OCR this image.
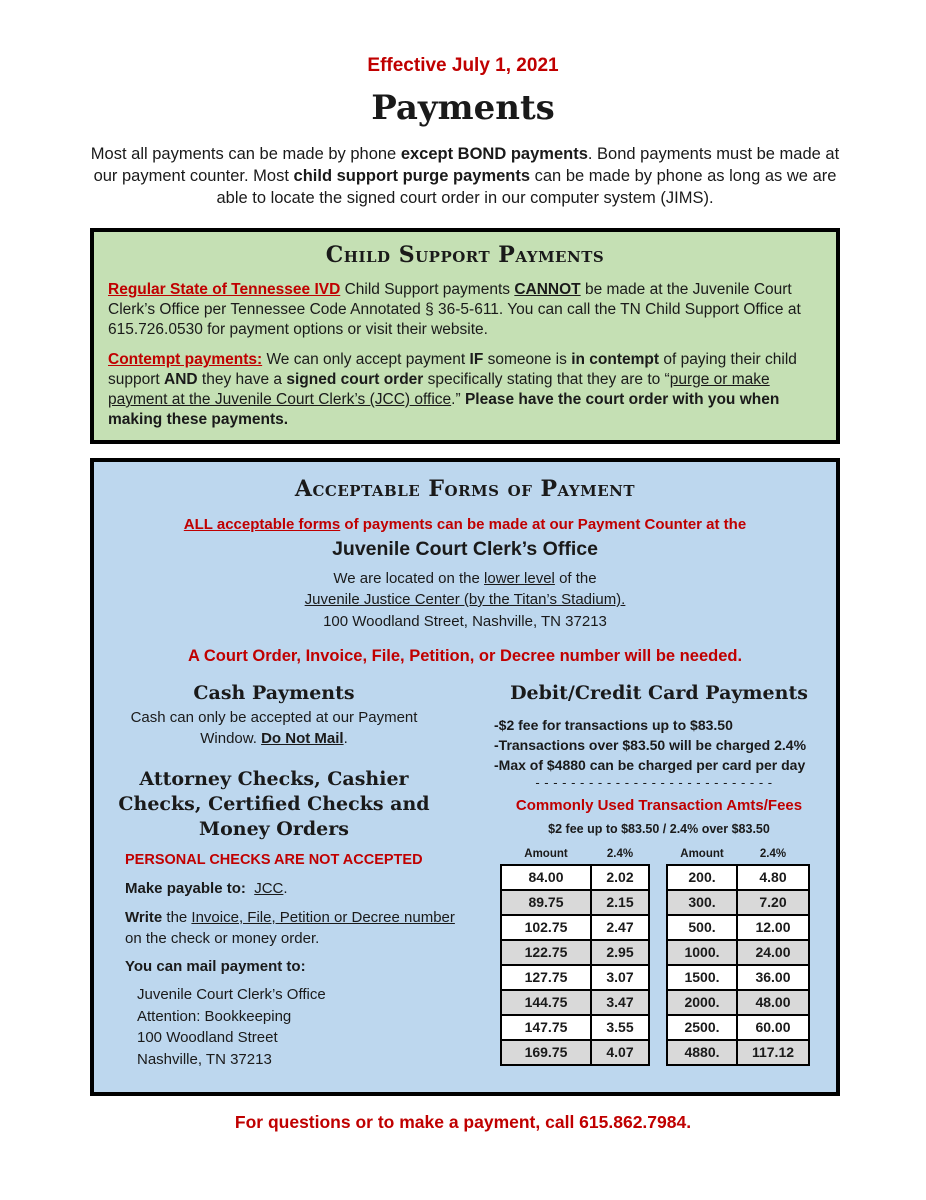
Effective July 1, 2021
Payments
Most all payments can be made by phone except BOND payments. Bond payments must be made at our payment counter. Most child support purge payments can be made by phone as long as we are able to locate the signed court order in our computer system (JIMS).
Child Support Payments
Regular State of Tennessee IVD Child Support payments CANNOT be made at the Juvenile Court Clerk’s Office per Tennessee Code Annotated § 36-5-611. You can call the TN Child Support Office at 615.726.0530 for payment options or visit their website.
Contempt payments: We can only accept payment IF someone is in contempt of paying their child support AND they have a signed court order specifically stating that they are to “purge or make payment at the Juvenile Court Clerk’s (JCC) office.” Please have the court order with you when making these payments.
Acceptable Forms of Payment
ALL acceptable forms of payments can be made at our Payment Counter at the
Juvenile Court Clerk’s Office
We are located on the lower level of the
Juvenile Justice Center (by the Titan’s Stadium).
100 Woodland Street, Nashville, TN 37213
A Court Order, Invoice, File, Petition, or Decree number will be needed.
Cash Payments
Cash can only be accepted at our Payment Window. Do Not Mail.
Attorney Checks, Cashier Checks, Certified Checks and Money Orders
PERSONAL CHECKS ARE NOT ACCEPTED
Make payable to: JCC.
Write the Invoice, File, Petition or Decree number on the check or money order.
You can mail payment to:
Juvenile Court Clerk’s Office
Attention: Bookkeeping
100 Woodland Street
Nashville, TN 37213
Debit/Credit Card Payments
-$2 fee for transactions up to $83.50
-Transactions over $83.50 will be charged 2.4%
-Max of $4880 can be charged per card per day
- - - - - - - - - - - - - - - - - - - - - - - - - - -
Commonly Used Transaction Amts/Fees
$2 fee up to $83.50 / 2.4% over $83.50
Amount	2.4%
84.00	2.02
89.75	2.15
102.75	2.47
122.75	2.95
127.75	3.07
144.75	3.47
147.75	3.55
169.75	4.07
Amount	2.4%
200.	4.80
300.	7.20
500.	12.00
1000.	24.00
1500.	36.00
2000.	48.00
2500.	60.00
4880.	117.12
For questions or to make a payment, call 615.862.7984.
